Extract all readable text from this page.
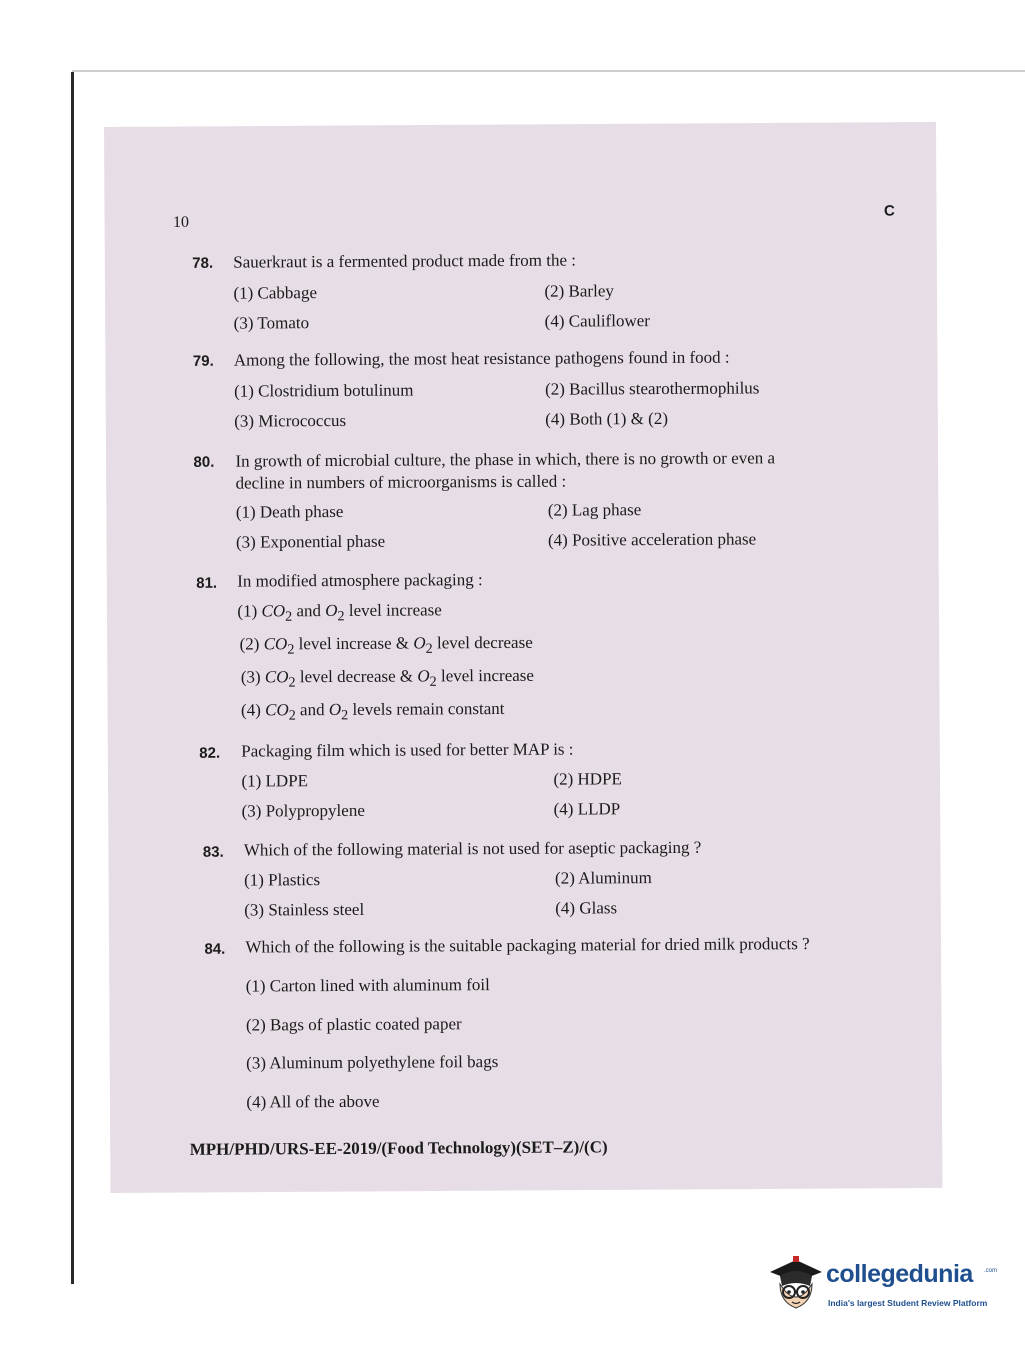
10
C
78. Sauerkraut is a fermented product made from the :
(1) Cabbage	(2) Barley
(3) Tomato	(4) Cauliflower
79. Among the following, the most heat resistance pathogens found in food :
(1) Clostridium botulinum	(2) Bacillus stearothermophilus
(3) Micrococcus	(4) Both (1) & (2)
80. In growth of microbial culture, the phase in which, there is no growth or even a
decline in numbers of microorganisms is called :
(1) Death phase	(2) Lag phase
(3) Exponential phase	(4) Positive acceleration phase
81. In modified atmosphere packaging :
(1) $CO_2$ and $O_2$ level increase
(2) $CO_2$ level increase & $O_2$ level decrease
(3) $CO_2$ level decrease & $O_2$ level increase
(4) $CO_2$ and $O_2$ levels remain constant
82. Packaging film which is used for better MAP is :
(1) LDPE	(2) HDPE
(3) Polypropylene	(4) LLDP
83. Which of the following material is not used for aseptic packaging ?
(1) Plastics	(2) Aluminum
(3) Stainless steel	(4) Glass
84. Which of the following is the suitable packaging material for dried milk products ?
(1) Carton lined with aluminum foil
(2) Bags of plastic coated paper
(3) Aluminum polyethylene foil bags
(4) All of the above
MPH/PHD/URS-EE-2019/(Food Technology)(SET–Z)/(C)
collegedunia .com
India's largest Student Review Platform
